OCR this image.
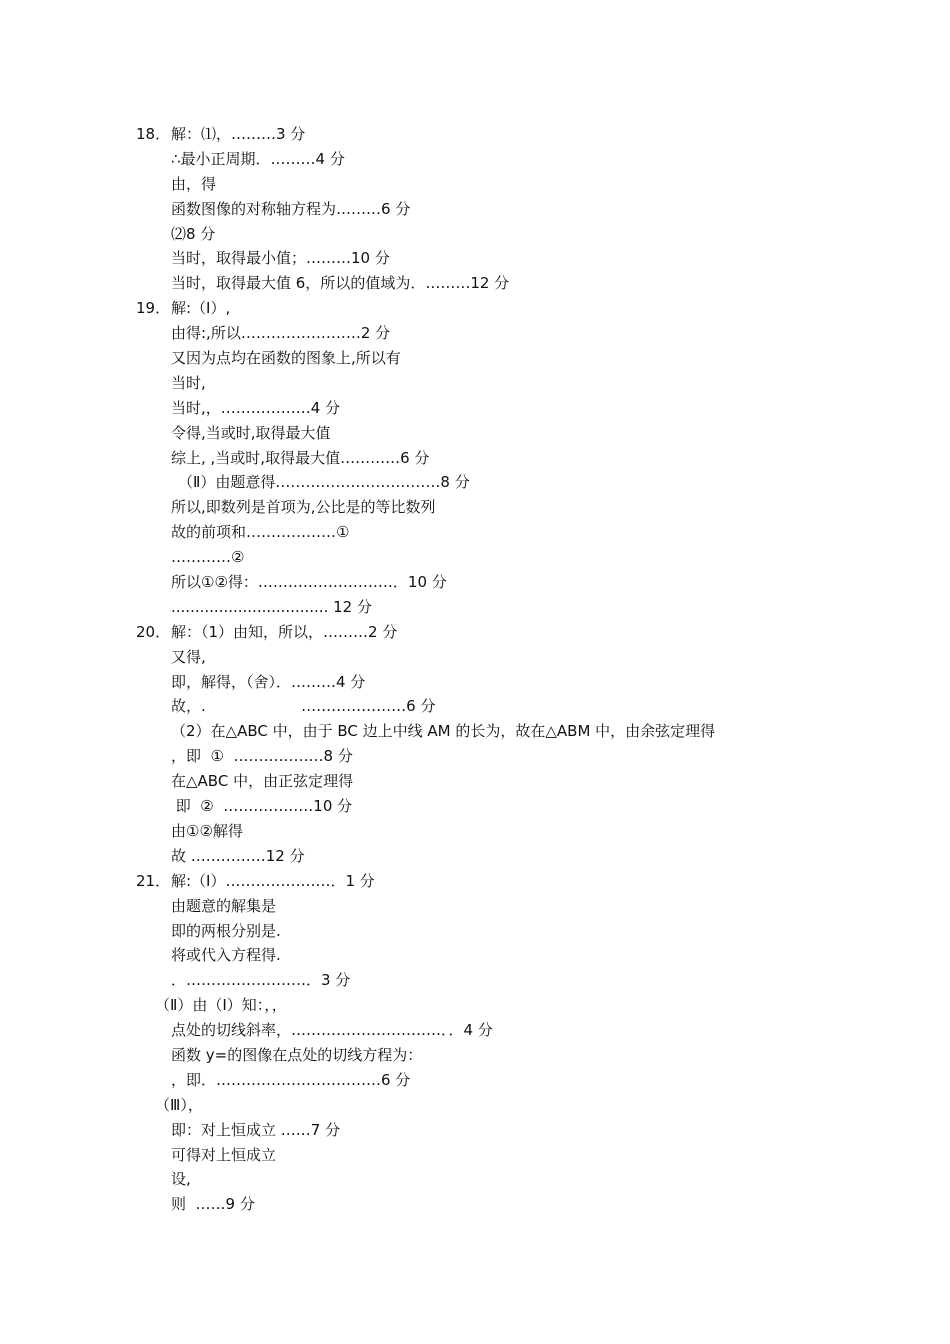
18． 解：⑴，………3 分
∴最小正周期．………4 分
由，得
函数图像的对称轴方程为………6 分
⑵8 分
当时，取得最小值；………10 分
当时，取得最大值 6，所以的值域为．………12 分
19． 解:（Ⅰ）,
由得:,所以……………………2 分
又因为点均在函数的图象上,所以有
当时,
当时,，………………4 分
令得,当或时,取得最大值
综上, ,当或时,取得最大值…………6 分
（Ⅱ）由题意得……………………………8 分
所以,即数列是首项为,公比是的等比数列
故的前项和………………①
…………②
所以①②得：………………………．10 分
................................. 12 分
20． 解：（1）由知，所以，………2 分
又得,
即，解得，（舍）．………4 分
故，.                    …………………6 分
（2）在△ABC 中，由于 BC 边上中线 AM 的长为，故在△ABM 中，由余弦定理得
，即  ①  ………………8 分
在△ABC 中，由正弦定理得
即  ②  ………………10 分
由①②解得
故 ……………12 分
21． 解:（Ⅰ）…………………．1 分
由题意的解集是
即的两根分别是.
将或代入方程得.
．……………………．3 分
（Ⅱ）由（Ⅰ）知：，，
点处的切线斜率，…………………………．．4 分
函数 y=的图像在点处的切线方程为：
，即．……………………………6 分
（Ⅲ），
即：对上恒成立 ……7 分
可得对上恒成立
设,
则  ……9 分
